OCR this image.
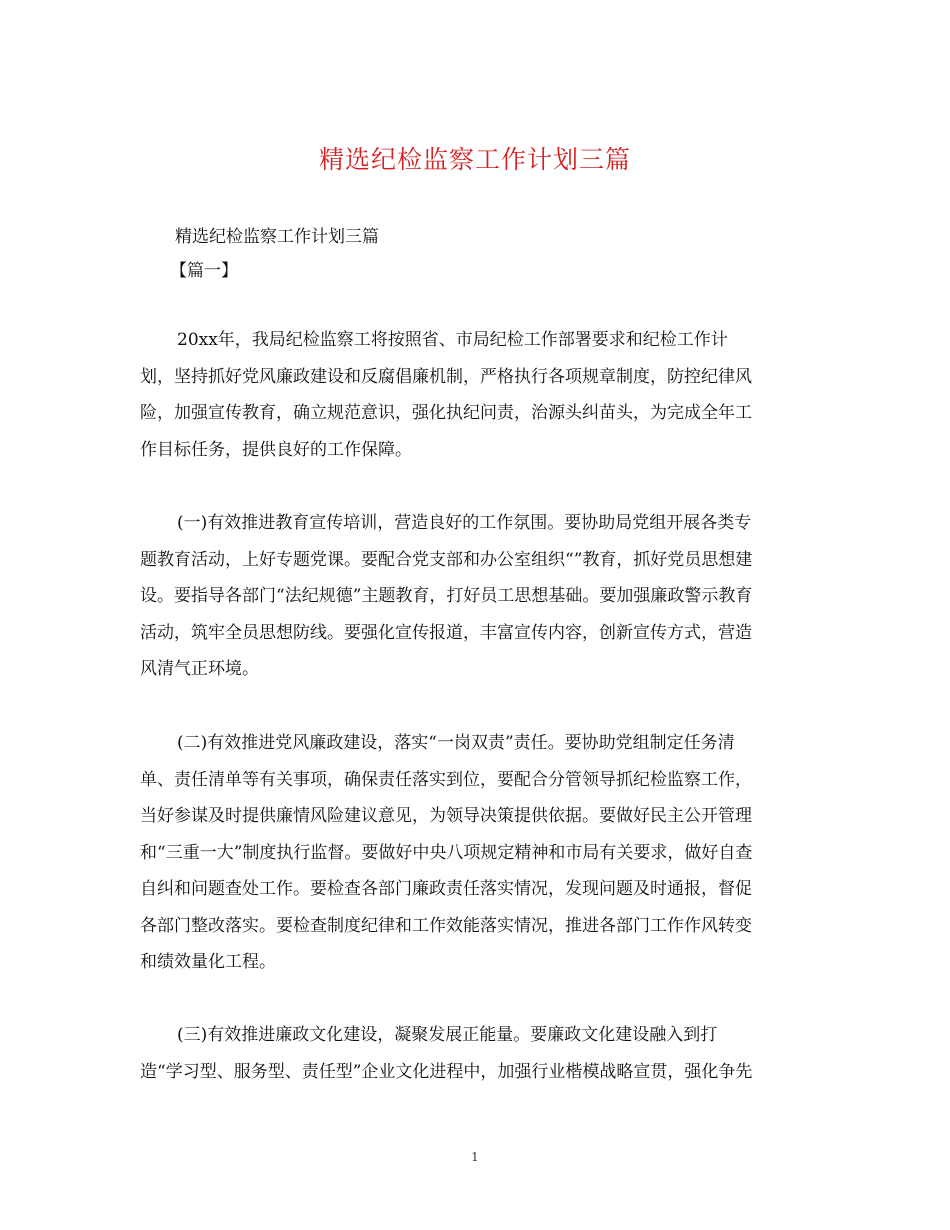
精选纪检监察工作计划三篇
精选纪检监察工作计划三篇
【篇一】

20xx年，我局纪检监察工将按照省、市局纪检工作部署要求和纪检工作计
划，坚持抓好党风廉政建设和反腐倡廉机制，严格执行各项规章制度，防控纪律风
险，加强宣传教育，确立规范意识，强化执纪问责，治源头纠苗头，为完成全年工
作目标任务，提供良好的工作保障。

(一)有效推进教育宣传培训，营造良好的工作氛围。要协助局党组开展各类专
题教育活动，上好专题党课。要配合党支部和办公室组织“”教育，抓好党员思想建
设。要指导各部门“法纪规德”主题教育，打好员工思想基础。要加强廉政警示教育
活动，筑牢全员思想防线。要强化宣传报道，丰富宣传内容，创新宣传方式，营造
风清气正环境。

(二)有效推进党风廉政建设，落实“一岗双责”责任。要协助党组制定任务清
单、责任清单等有关事项，确保责任落实到位，要配合分管领导抓纪检监察工作，
当好参谋及时提供廉情风险建议意见，为领导决策提供依据。要做好民主公开管理
和“三重一大”制度执行监督。要做好中央八项规定精神和市局有关要求，做好自查
自纠和问题查处工作。要检查各部门廉政责任落实情况，发现问题及时通报，督促
各部门整改落实。要检查制度纪律和工作效能落实情况，推进各部门工作作风转变
和绩效量化工程。

(三)有效推进廉政文化建设，凝聚发展正能量。要廉政文化建设融入到打
造“学习型、服务型、责任型”企业文化进程中，加强行业楷模战略宣贯，强化争先

1
